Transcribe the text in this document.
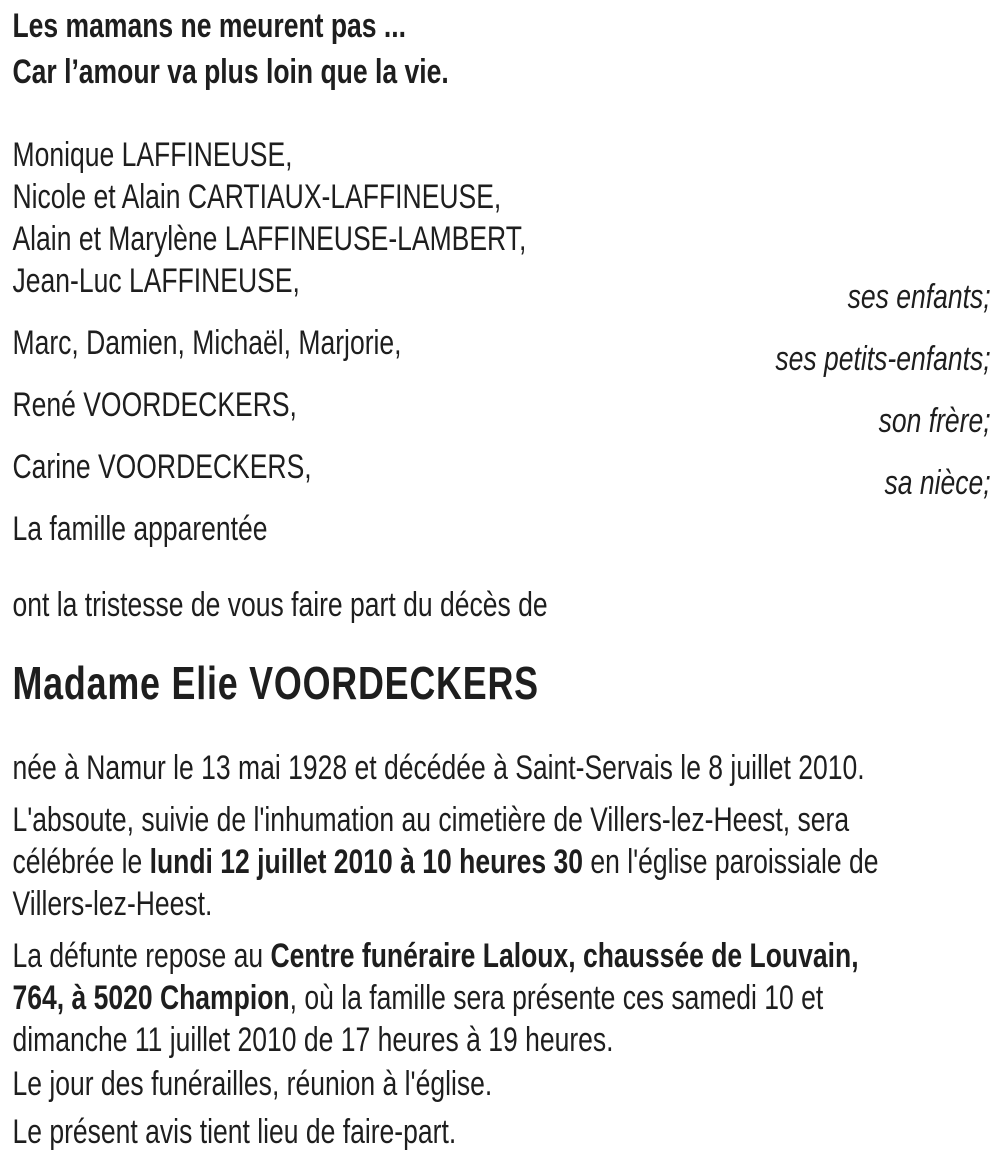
Les mamans ne meurent pas ...
Car l’amour va plus loin que la vie.
Monique LAFFINEUSE,
Nicole et Alain CARTIAUX-LAFFINEUSE,
Alain et Marylène LAFFINEUSE-LAMBERT,
Jean-Luc LAFFINEUSE,	ses enfants;
Marc, Damien, Michaël, Marjorie,	ses petits-enfants;
René VOORDECKERS,	son frère;
Carine VOORDECKERS,	sa nièce;
La famille apparentée
ont la tristesse de vous faire part du décès de
Madame Elie VOORDECKERS
née à Namur le 13 mai 1928 et décédée à Saint-Servais le 8 juillet 2010.
L'absoute, suivie de l'inhumation au cimetière de Villers-lez-Heest, sera
célébrée le lundi 12 juillet 2010 à 10 heures 30 en l'église paroissiale de
Villers-lez-Heest.
La défunte repose au Centre funéraire Laloux, chaussée de Louvain,
764, à 5020 Champion, où la famille sera présente ces samedi 10 et
dimanche 11 juillet 2010 de 17 heures à 19 heures.
Le jour des funérailles, réunion à l'église.
Le présent avis tient lieu de faire-part.
